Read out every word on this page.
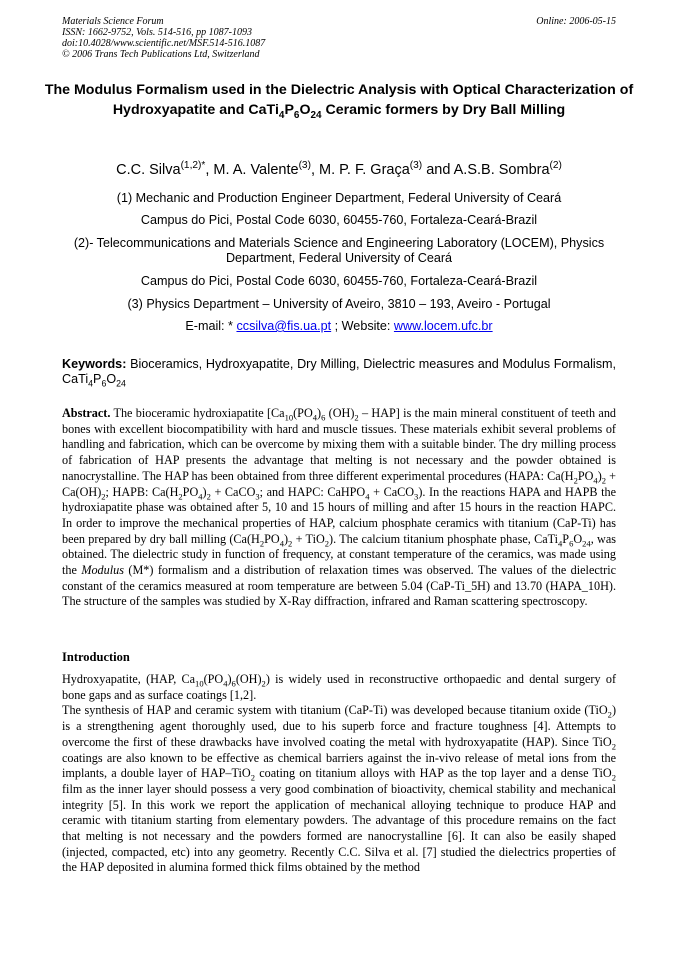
Materials Science Forum
ISSN: 1662-9752, Vols. 514-516, pp 1087-1093
doi:10.4028/www.scientific.net/MSF.514-516.1087
© 2006 Trans Tech Publications Ltd, Switzerland
Online: 2006-05-15
The Modulus Formalism used in the Dielectric Analysis with Optical Characterization of Hydroxyapatite and $CaTi_4P_6O_{24}$ Ceramic formers by Dry Ball Milling
C.C. Silva$^{(1,2)*}$, M. A. Valente$^{(3)}$, M. P. F. Graça$^{(3)}$ and A.S.B. Sombra$^{(2)}$
(1) Mechanic and Production Engineer Department, Federal University of Ceará
Campus do Pici, Postal Code 6030, 60455-760, Fortaleza-Ceará-Brazil
(2)- Telecommunications and Materials Science and Engineering Laboratory (LOCEM), Physics Department, Federal University of Ceará
Campus do Pici, Postal Code 6030, 60455-760, Fortaleza-Ceará-Brazil
(3) Physics Department – University of Aveiro, 3810 – 193, Aveiro - Portugal
E-mail: * ccsilva@fis.ua.pt ; Website: www.locem.ufc.br
Keywords: Bioceramics, Hydroxyapatite, Dry Milling, Dielectric measures and Modulus Formalism, $CaTi_4P_6O_{24}$
Abstract. The bioceramic hydroxiapatite [$Ca_{10}(PO_4)_6$ $(OH)_2 - HAP$] is the main mineral constituent of teeth and bones with excellent biocompatibility with hard and muscle tissues. These materials exhibit several problems of handling and fabrication, which can be overcome by mixing them with a suitable binder. The dry milling process of fabrication of HAP presents the advantage that melting is not necessary and the powder obtained is nanocrystalline. The HAP has been obtained from three different experimental procedures (HAPA: $Ca(H_2PO_4)_2 + Ca(OH)_2$; HAPB: $Ca(H_2PO_4)_2$ + CaCO$_3$; and HAPC: CaHPO$_4$ + CaCO$_3$). In the reactions HAPA and HAPB the hydroxiapatite phase was obtained after 5, 10 and 15 hours of milling and after 15 hours in the reaction HAPC. In order to improve the mechanical properties of HAP, calcium phosphate ceramics with titanium (CaP-Ti) has been prepared by dry ball milling $(Ca(H_2PO_4)_2 + TiO_2)$. The calcium titanium phosphate phase, $CaTi_4P_6O_{24}$, was obtained. The dielectric study in function of frequency, at constant temperature of the ceramics, was made using the Modulus (M*) formalism and a distribution of relaxation times was observed. The values of the dielectric constant of the ceramics measured at room temperature are between 5.04 (CaP-Ti_5H) and 13.70 (HAPA_10H). The structure of the samples was studied by X-Ray diffraction, infrared and Raman scattering spectroscopy.
Introduction

Hydroxyapatite, (HAP, $Ca_{10}(PO_4)_6(OH)_2$) is widely used in reconstructive orthopaedic and dental surgery of bone gaps and as surface coatings [1,2].

The synthesis of HAP and ceramic system with titanium (CaP-Ti) was developed because titanium oxide (TiO$_2$) is a strengthening agent thoroughly used, due to his superb force and fracture toughness [4]. Attempts to overcome the first of these drawbacks have involved coating the metal with hydroxyapatite (HAP). Since TiO$_2$ coatings are also known to be effective as chemical barriers against the in-vivo release of metal ions from the implants, a double layer of HAP–TiO$_2$ coating on titanium alloys with HAP as the top layer and a dense TiO$_2$ film as the inner layer should possess a very good combination of bioactivity, chemical stability and mechanical integrity [5]. In this work we report the application of mechanical alloying technique to produce HAP and ceramic with titanium starting from elementary powders. The advantage of this procedure remains on the fact that melting is not necessary and the powders formed are nanocrystalline [6]. It can also be easily shaped (injected, compacted, etc) into any geometry. Recently C.C. Silva et al. [7] studied the dielectrics properties of the HAP deposited in alumina formed thick films obtained by the method
